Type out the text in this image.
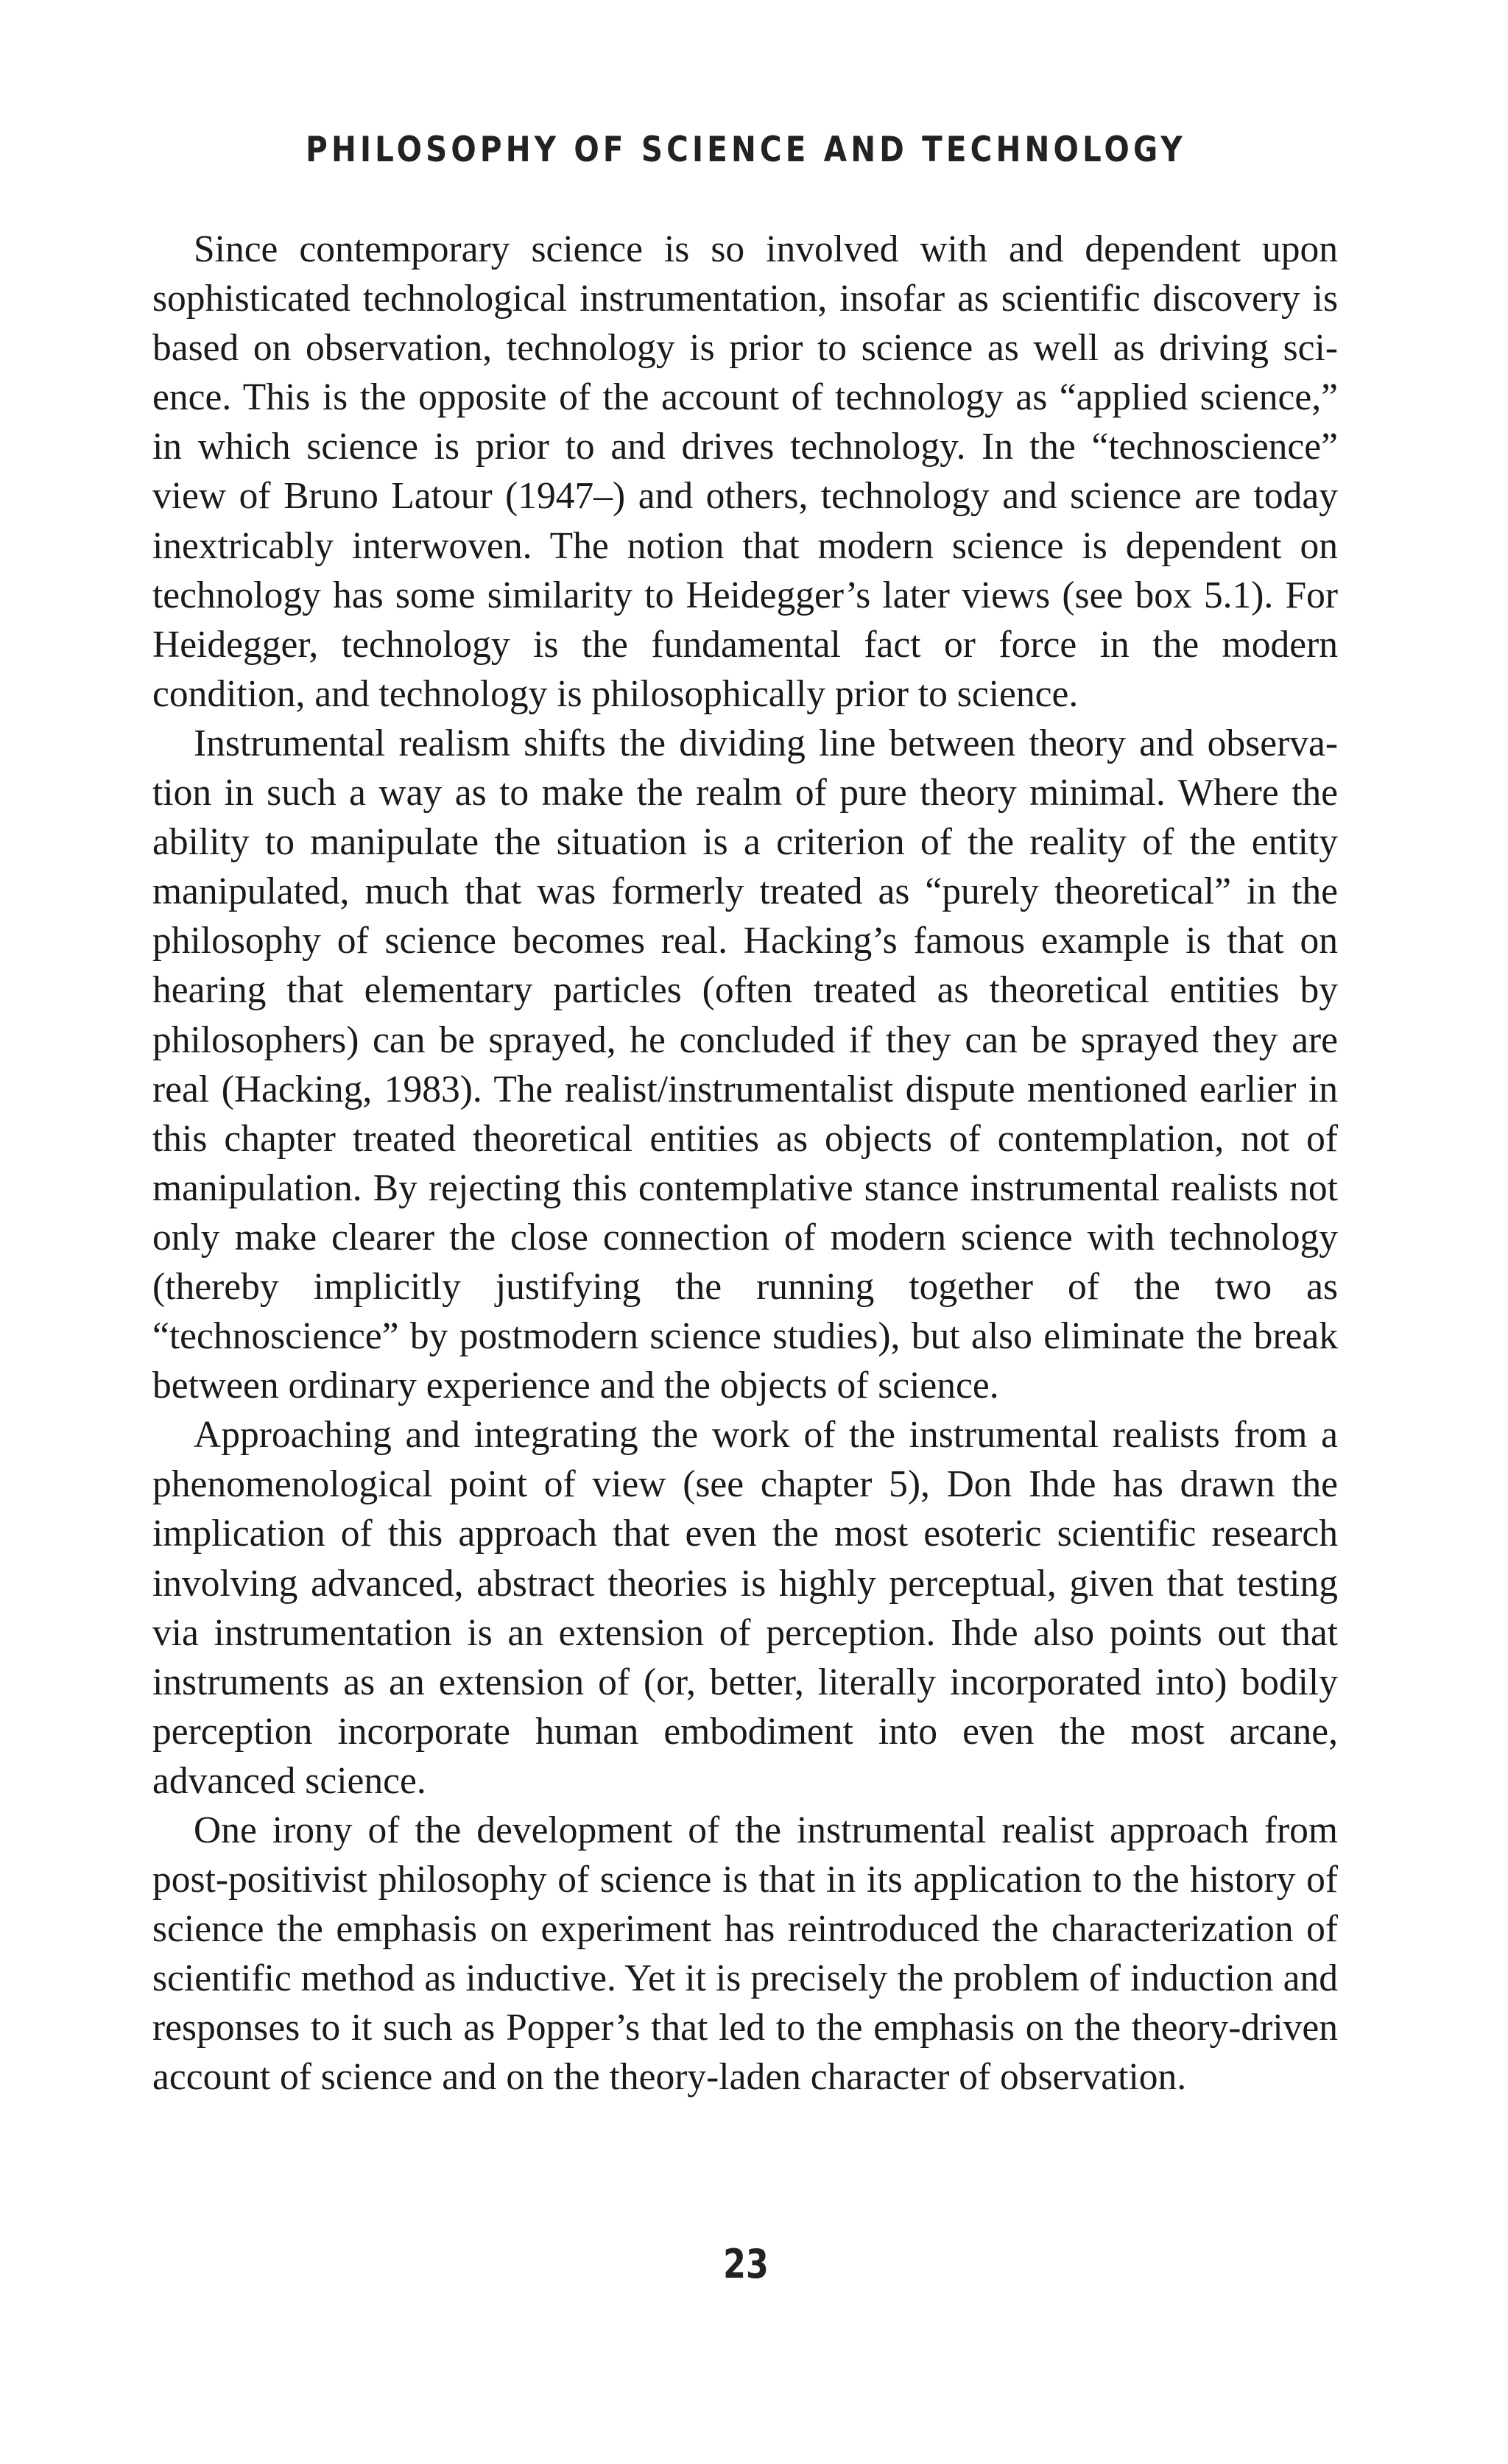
PHILOSOPHY OF SCIENCE AND TECHNOLOGY

Since contemporary science is so involved with and dependent upon sophisticated technological instrumentation, insofar as scientific discovery is based on observation, technology is prior to science as well as driving science. This is the opposite of the account of technology as “applied science,” in which science is prior to and drives technology. In the “technoscience” view of Bruno Latour (1947–) and others, technology and science are today inextricably interwoven. The notion that modern science is dependent on technology has some similarity to Heidegger’s later views (see box 5.1). For Heidegger, technology is the fundamental fact or force in the modern condition, and technology is philosophically prior to science.

Instrumental realism shifts the dividing line between theory and observation in such a way as to make the realm of pure theory minimal. Where the ability to manipulate the situation is a criterion of the reality of the entity manipulated, much that was formerly treated as “purely theoretical” in the philosophy of science becomes real. Hacking’s famous example is that on hearing that elementary particles (often treated as theoretical entities by philosophers) can be sprayed, he concluded if they can be sprayed they are real (Hacking, 1983). The realist/instrumentalist dispute mentioned earlier in this chapter treated theoretical entities as objects of contemplation, not of manipulation. By rejecting this contemplative stance instrumental realists not only make clearer the close connection of modern science with technology (thereby implicitly justifying the running together of the two as “technoscience” by postmodern science studies), but also eliminate the break between ordinary experience and the objects of science.

Approaching and integrating the work of the instrumental realists from a phenomenological point of view (see chapter 5), Don Ihde has drawn the implication of this approach that even the most esoteric scientific research involving advanced, abstract theories is highly perceptual, given that testing via instrumentation is an extension of perception. Ihde also points out that instruments as an extension of (or, better, literally incorporated into) bodily perception incorporate human embodiment into even the most arcane, advanced science.

One irony of the development of the instrumental realist approach from post-positivist philosophy of science is that in its application to the history of science the emphasis on experiment has reintroduced the characterization of scientific method as inductive. Yet it is precisely the problem of induction and responses to it such as Popper’s that led to the emphasis on the theory-driven account of science and on the theory-laden character of observation.

23
